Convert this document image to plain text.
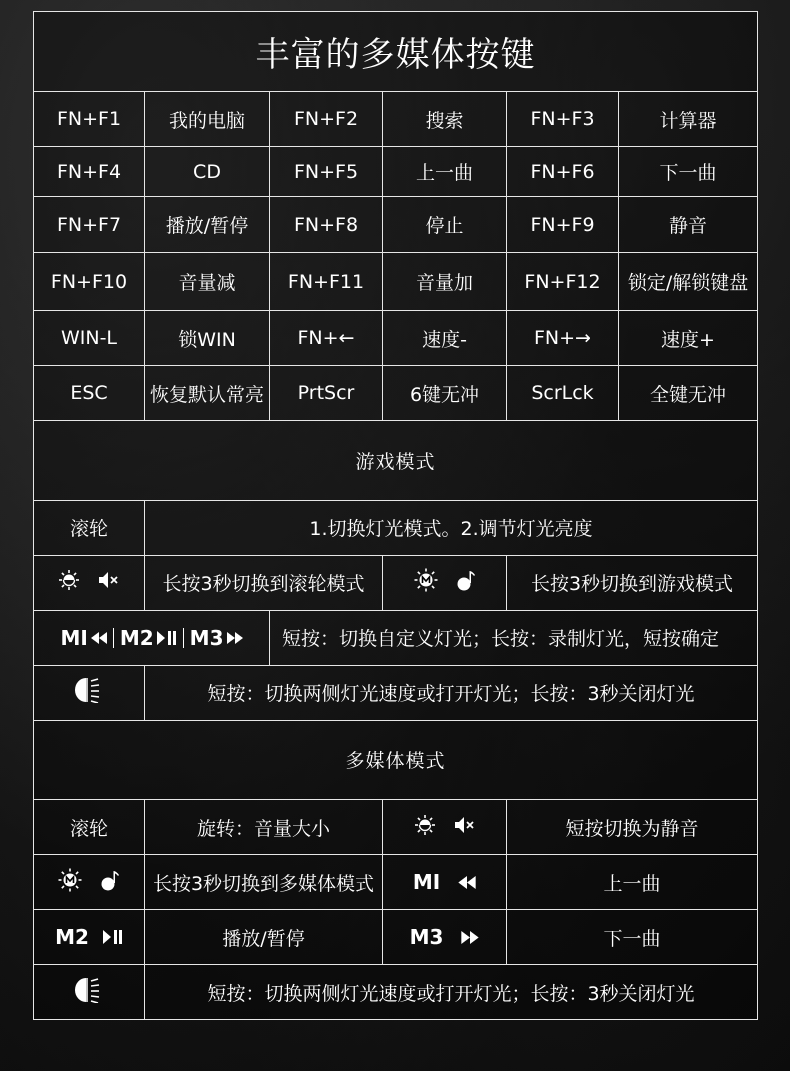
丰富的多媒体按键					
FN+F1	我的电脑	FN+F2	搜索	FN+F3	计算器
FN+F4	CD	FN+F5	上一曲	FN+F6	下一曲
FN+F7	播放/暂停	FN+F8	停止	FN+F9	静音
FN+F10	音量减	FN+F11	音量加	FN+F12	锁定/解锁键盘
WIN-L	锁WIN	FN+←	速度-	FN+→	速度+
ESC	恢复默认常亮	PrtScr	6键无冲	ScrLck	全键无冲
游戏模式				
滚轮	1.切换灯光模式。2.调节灯光亮度			

	长按3秒切换到滚轮模式			长按3秒切换到游戏模式

MI M2 M3		短按：切换自定义灯光；长按：录制灯光，短按确定		
	短按：切换两侧灯光速度或打开灯光；长按：3秒关闭灯光			
多媒体模式			
滚轮	旋转：音量大小		短按切换为静音

	长按3秒切换到多媒体模式	MI	上一曲

M2	播放/暂停	M3	下一曲
	短按：切换两侧灯光速度或打开灯光；长按：3秒关闭灯光		
